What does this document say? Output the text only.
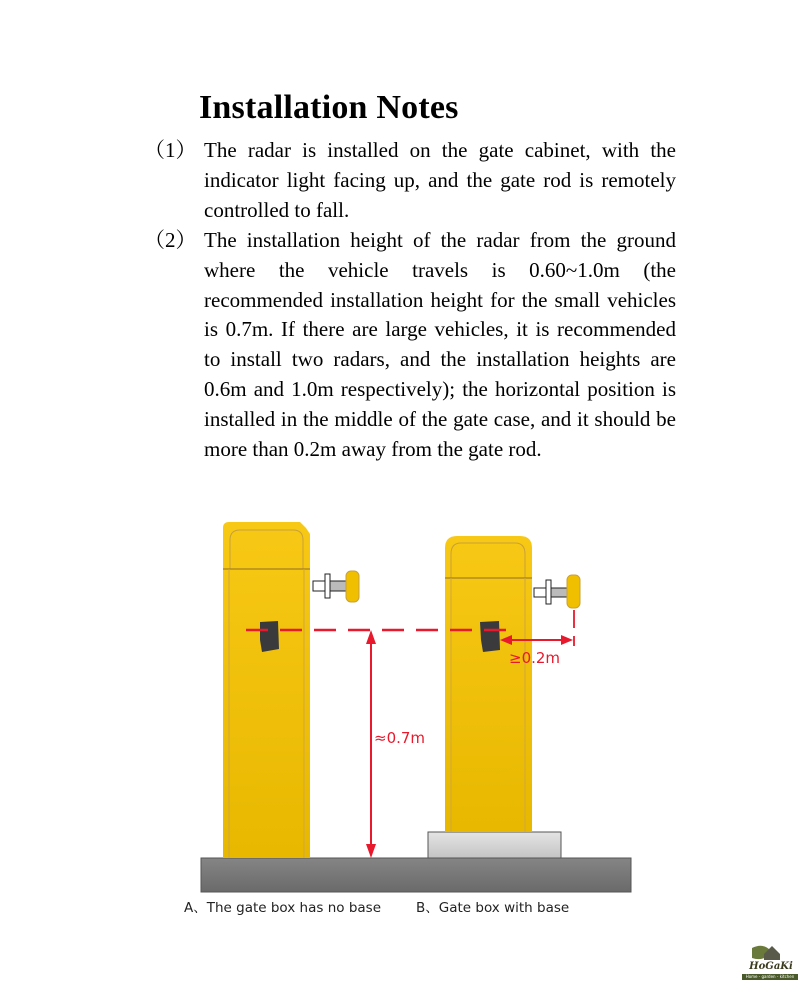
Installation Notes
（1） The radar is installed on the gate cabinet, with the indicator light facing up, and the gate rod is remotely controlled to fall.
（2） The installation height of the radar from the ground where the vehicle travels is 0.60~1.0m (the recommended installation height for the small vehicles is 0.7m. If there are large vehicles, it is recommended to install two radars, and the installation heights are 0.6m and 1.0m respectively); the horizontal position is installed in the middle of the gate case, and it should be more than 0.2m away from the gate rod.
≈0.7m
≥0.2m
A、The gate box has no base	B、Gate box with base
HoGaKi
Home - garden - kitchen
